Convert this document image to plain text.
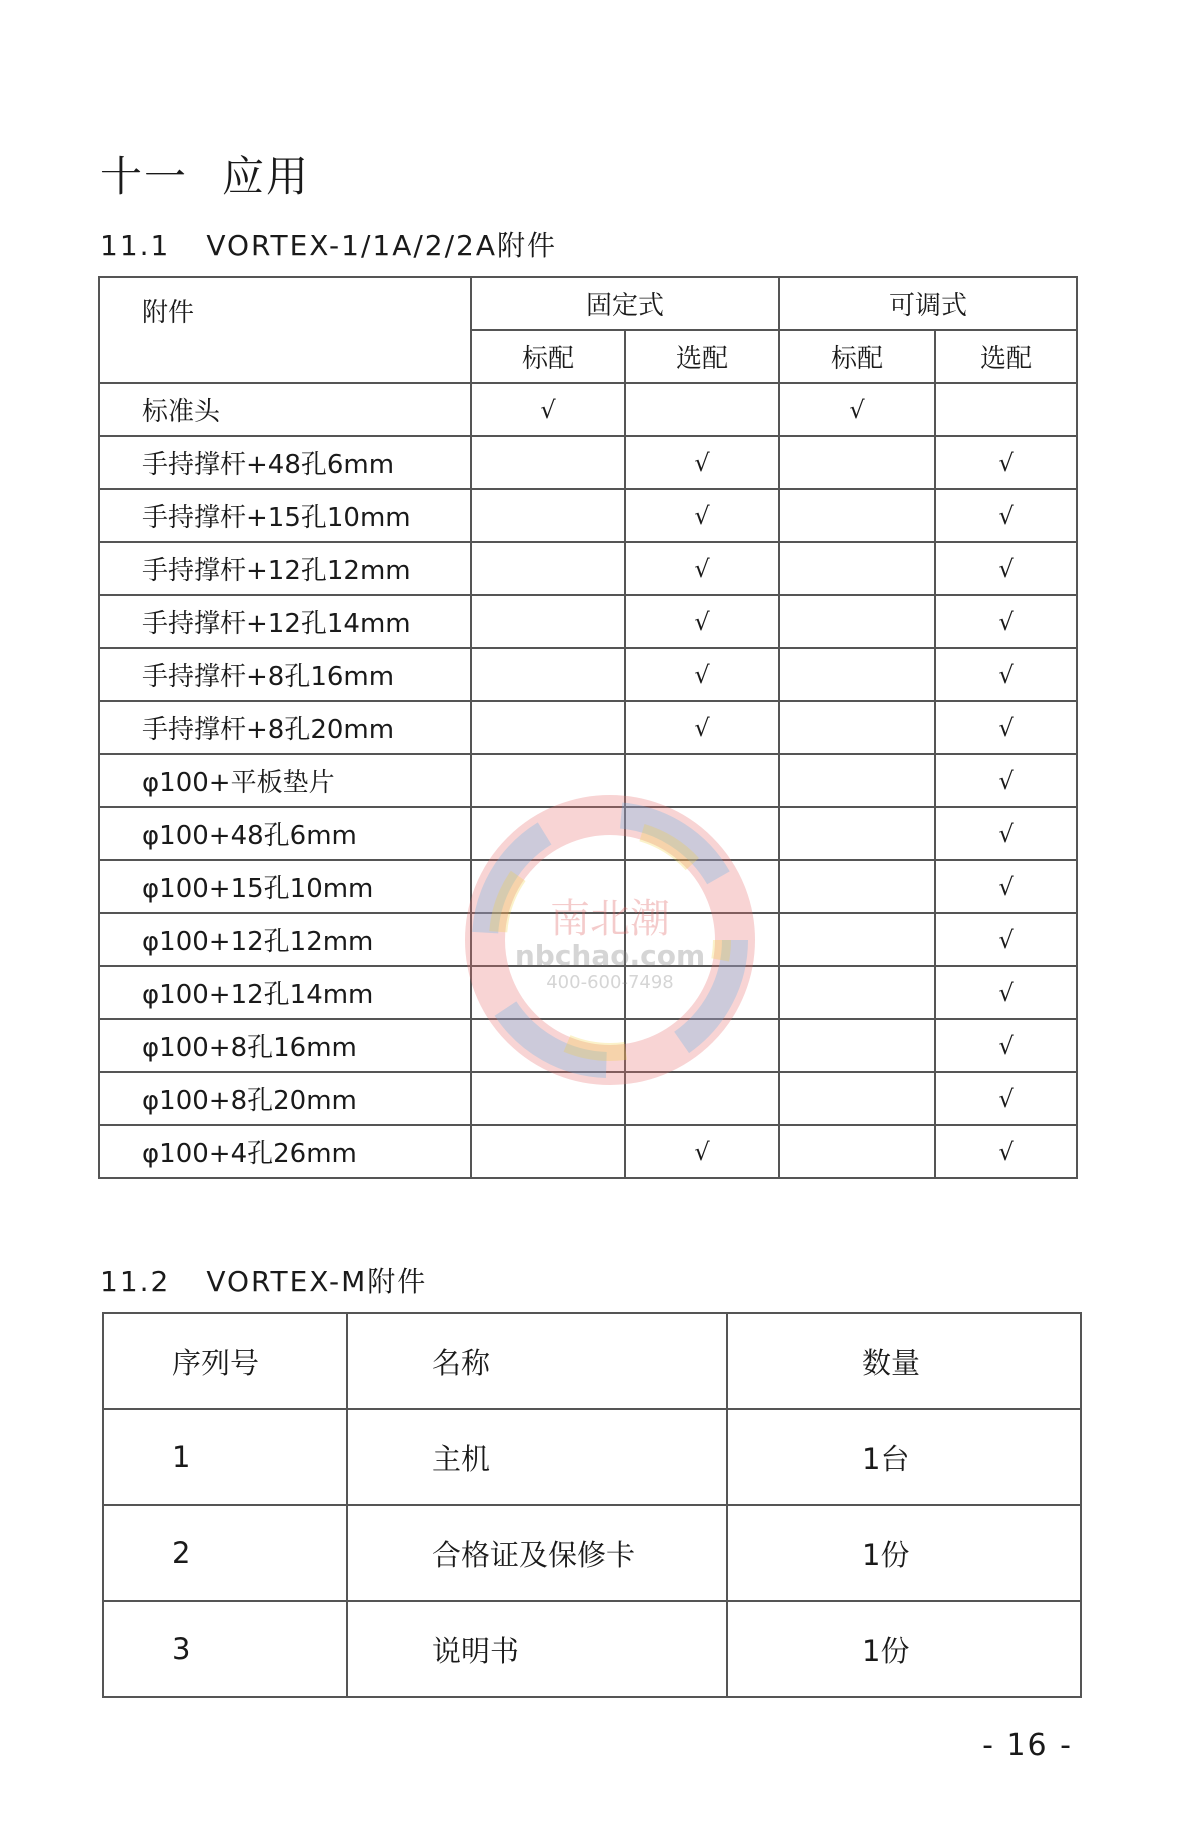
十一 应用
11.1 VORTEX-1/1A/2/2A附件
附件	固定式		可调式	
	标配	选配	标配	选配
标准头	√		√	
手持撑杆+48孔6mm		√		√
手持撑杆+15孔10mm		√		√
手持撑杆+12孔12mm		√		√
手持撑杆+12孔14mm		√		√
手持撑杆+8孔16mm		√		√
手持撑杆+8孔20mm		√		√
φ100+平板垫片				√
φ100+48孔6mm				√
φ100+15孔10mm				√
φ100+12孔12mm				√
φ100+12孔14mm				√
φ100+8孔16mm				√
φ100+8孔20mm				√
φ100+4孔26mm		√		√
11.2 VORTEX-M附件
序列号	名称	数量
1	主机	1台
2	合格证及保修卡	1份
3	说明书	1份
南北潮
nbchao.com
400-600-7498
- 16 -
